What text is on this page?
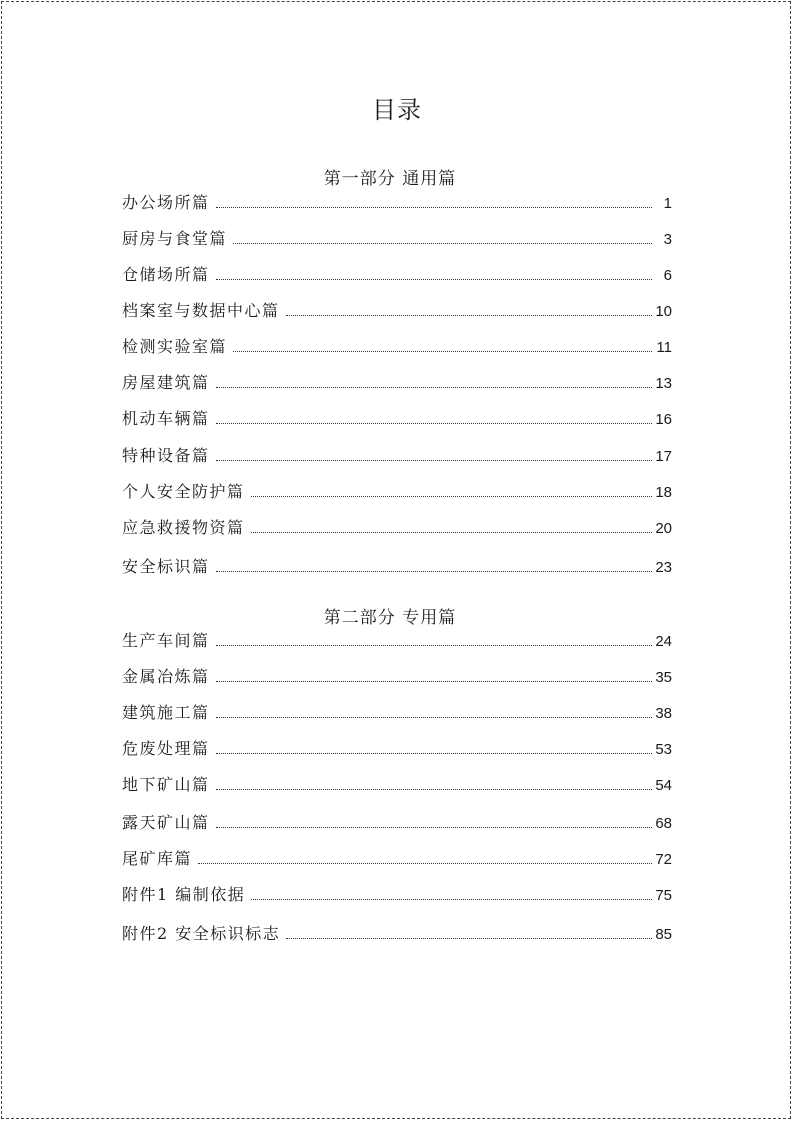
目录
第一部分 通用篇
办公场所篇	1
厨房与食堂篇	3
仓储场所篇	6
档案室与数据中心篇	10
检测实验室篇	11
房屋建筑篇	13
机动车辆篇	16
特种设备篇	17
个人安全防护篇	18
应急救援物资篇	20
安全标识篇	23
第二部分 专用篇
生产车间篇	24
金属冶炼篇	35
建筑施工篇	38
危废处理篇	53
地下矿山篇	54
露天矿山篇	68
尾矿库篇	72
附件1 编制依据	75
附件2 安全标识标志	85
